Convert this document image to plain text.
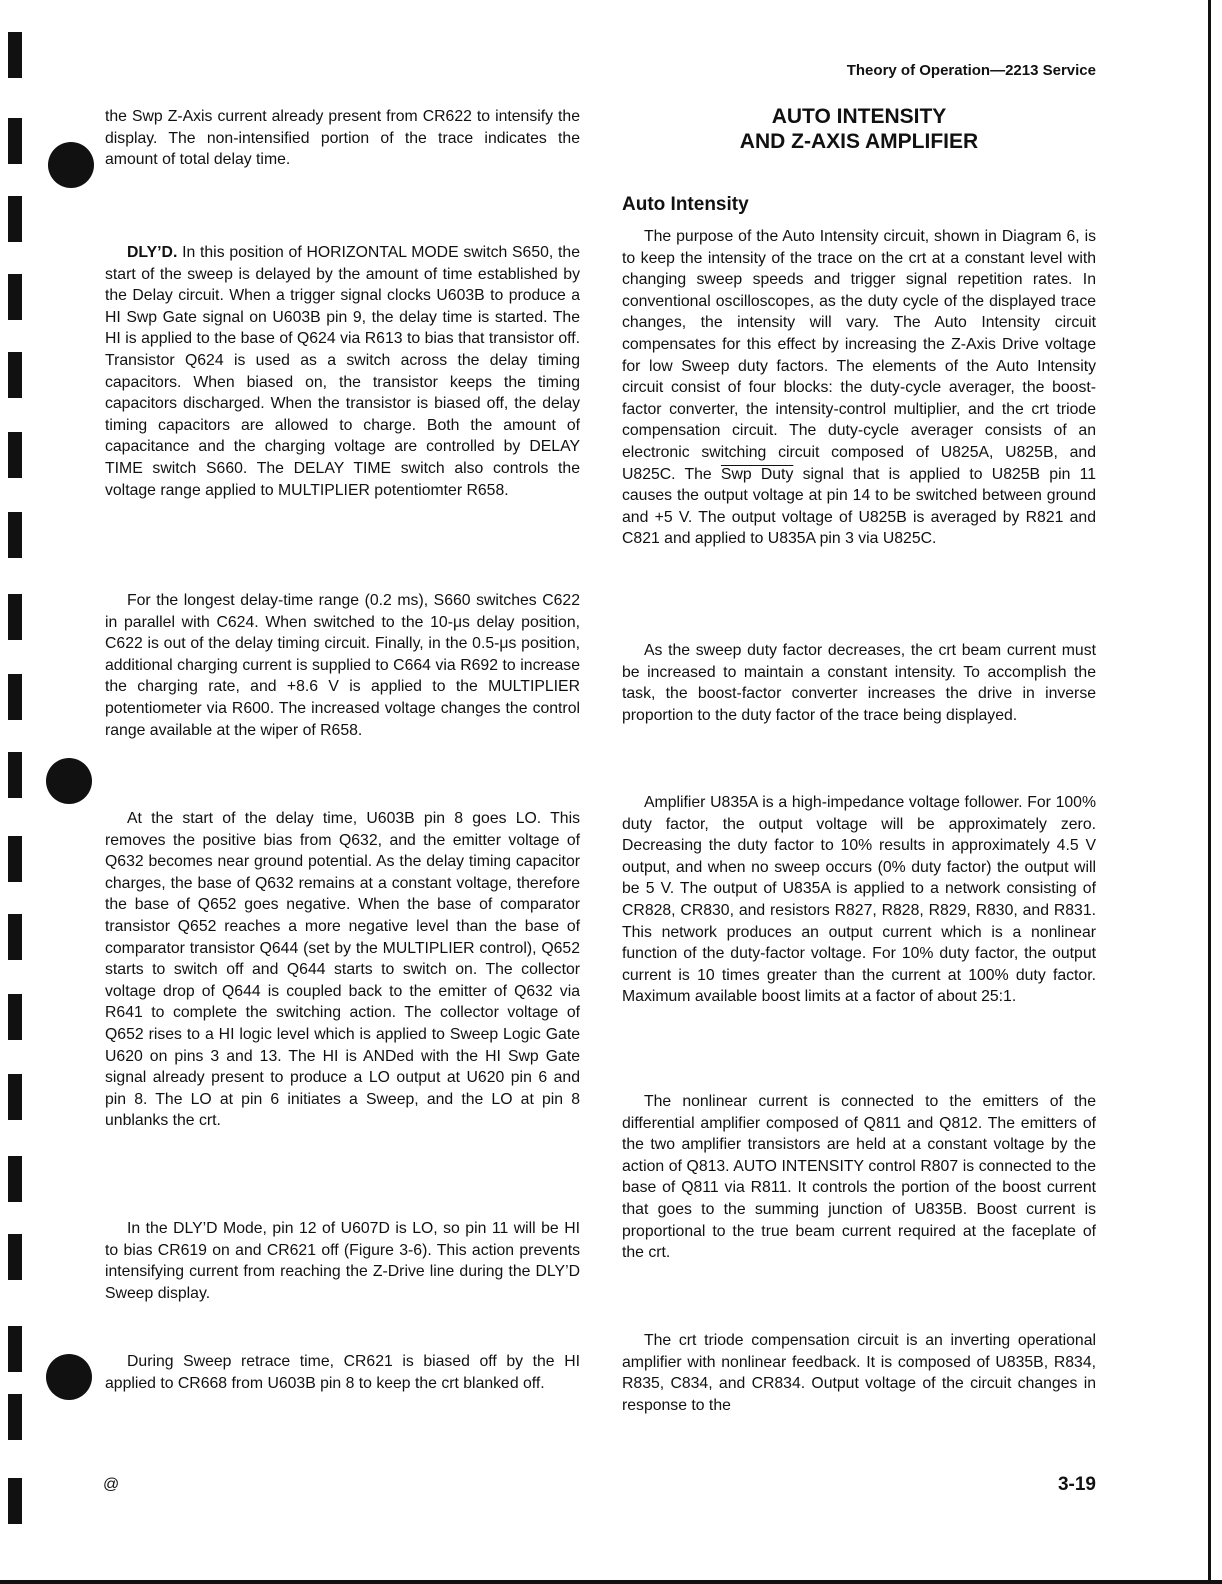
Theory of Operation—2213 Service

the Swp Z-Axis current already present from CR622 to intensify the display. The non-intensified portion of the trace indicates the amount of total delay time.

DLY’D. In this position of HORIZONTAL MODE switch S650, the start of the sweep is delayed by the amount of time established by the Delay circuit. When a trigger signal clocks U603B to produce a HI Swp Gate signal on U603B pin 9, the delay time is started. The HI is applied to the base of Q624 via R613 to bias that transistor off. Transistor Q624 is used as a switch across the delay timing capacitors. When biased on, the transistor keeps the timing capacitors discharged. When the transistor is biased off, the delay timing capacitors are allowed to charge. Both the amount of capacitance and the charging voltage are controlled by DELAY TIME switch S660. The DELAY TIME switch also controls the voltage range applied to MULTIPLIER potentiomter R658.

For the longest delay-time range (0.2 ms), S660 switches C622 in parallel with C624. When switched to the 10-μs delay position, C622 is out of the delay timing circuit. Finally, in the 0.5-μs position, additional charging current is supplied to C664 via R692 to increase the charging rate, and +8.6 V is applied to the MULTIPLIER potentiometer via R600. The increased voltage changes the control range available at the wiper of R658.

At the start of the delay time, U603B pin 8 goes LO. This removes the positive bias from Q632, and the emitter voltage of Q632 becomes near ground potential. As the delay timing capacitor charges, the base of Q632 remains at a constant voltage, therefore the base of Q652 goes negative. When the base of comparator transistor Q652 reaches a more negative level than the base of comparator transistor Q644 (set by the MULTIPLIER control), Q652 starts to switch off and Q644 starts to switch on. The collector voltage drop of Q644 is coupled back to the emitter of Q632 via R641 to complete the switching action. The collector voltage of Q652 rises to a HI logic level which is applied to Sweep Logic Gate U620 on pins 3 and 13. The HI is ANDed with the HI Swp Gate signal already present to produce a LO output at U620 pin 6 and pin 8. The LO at pin 6 initiates a Sweep, and the LO at pin 8 unblanks the crt.

In the DLY’D Mode, pin 12 of U607D is LO, so pin 11 will be HI to bias CR619 on and CR621 off (Figure 3-6). This action prevents intensifying current from reaching the Z-Drive line during the DLY’D Sweep display.

During Sweep retrace time, CR621 is biased off by the HI applied to CR668 from U603B pin 8 to keep the crt blanked off.

AUTO INTENSITY
AND Z-AXIS AMPLIFIER
Auto Intensity

The purpose of the Auto Intensity circuit, shown in Diagram 6, is to keep the intensity of the trace on the crt at a constant level with changing sweep speeds and trigger signal repetition rates. In conventional oscilloscopes, as the duty cycle of the displayed trace changes, the intensity will vary. The Auto Intensity circuit compensates for this effect by increasing the Z-Axis Drive voltage for low Sweep duty factors. The elements of the Auto Intensity circuit consist of four blocks: the duty-cycle averager, the boost-factor converter, the intensity-control multiplier, and the crt triode compensation circuit. The duty-cycle averager consists of an electronic switching circuit composed of U825A, U825B, and U825C. The Swp Duty signal that is applied to U825B pin 11 causes the output voltage at pin 14 to be switched between ground and +5 V. The output voltage of U825B is averaged by R821 and C821 and applied to U835A pin 3 via U825C.

As the sweep duty factor decreases, the crt beam current must be increased to maintain a constant intensity. To accomplish the task, the boost-factor converter increases the drive in inverse proportion to the duty factor of the trace being displayed.

Amplifier U835A is a high-impedance voltage follower. For 100% duty factor, the output voltage will be approximately zero. Decreasing the duty factor to 10% results in approximately 4.5 V output, and when no sweep occurs (0% duty factor) the output will be 5 V. The output of U835A is applied to a network consisting of CR828, CR830, and resistors R827, R828, R829, R830, and R831. This network produces an output current which is a nonlinear function of the duty-factor voltage. For 10% duty factor, the output current is 10 times greater than the current at 100% duty factor. Maximum available boost limits at a factor of about 25:1.

The nonlinear current is connected to the emitters of the differential amplifier composed of Q811 and Q812. The emitters of the two amplifier transistors are held at a constant voltage by the action of Q813. AUTO INTENSITY control R807 is connected to the base of Q811 via R811. It controls the portion of the boost current that goes to the summing junction of U835B. Boost current is proportional to the true beam current required at the faceplate of the crt.

The crt triode compensation circuit is an inverting operational amplifier with nonlinear feedback. It is composed of U835B, R834, R835, C834, and CR834. Output voltage of the circuit changes in response to the

@	3-19
